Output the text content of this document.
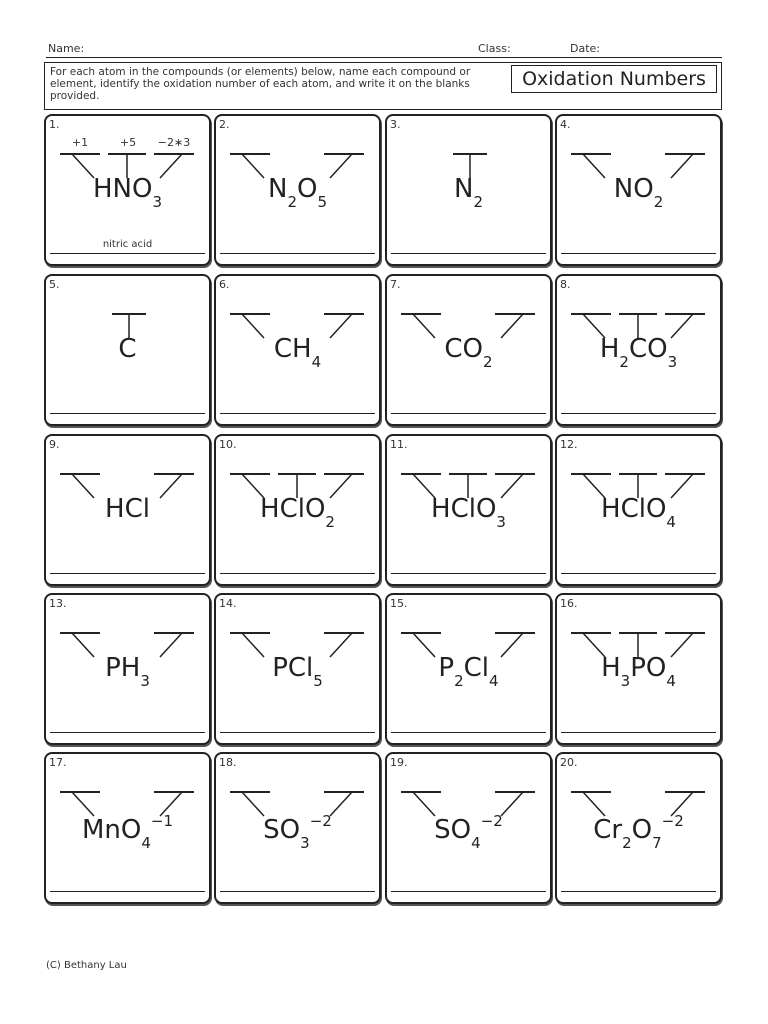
Name:	Class:	Date:
For each atom in the compounds (or elements) below, name each compound or element, identify the oxidation number of each atom, and write it on the blanks provided.
Oxidation Numbers
1.
+1	+5	−2∗3
$HNO_3$
nitric acid
2.
$N_2O_5$
3.
$N_2$
4.
$NO_2$
5.
C
6.
$CH_4$
7.
$CO_2$
8.
$H_2CO_3$
9.
HCl
10.
HClO$_2$
11.
HClO$_3$
12.
HClO$_4$
13.
$PH_3$
14.
PCl$_5$
15.
$P_2Cl_4$
16.
$H_3PO_4$
17.
MnO$_4^{-1}$
18.
$SO_3^{-2}$
19.
$SO_4^{-2}$
20.
$Cr_2O_7^{-2}$
(C) Bethany Lau
